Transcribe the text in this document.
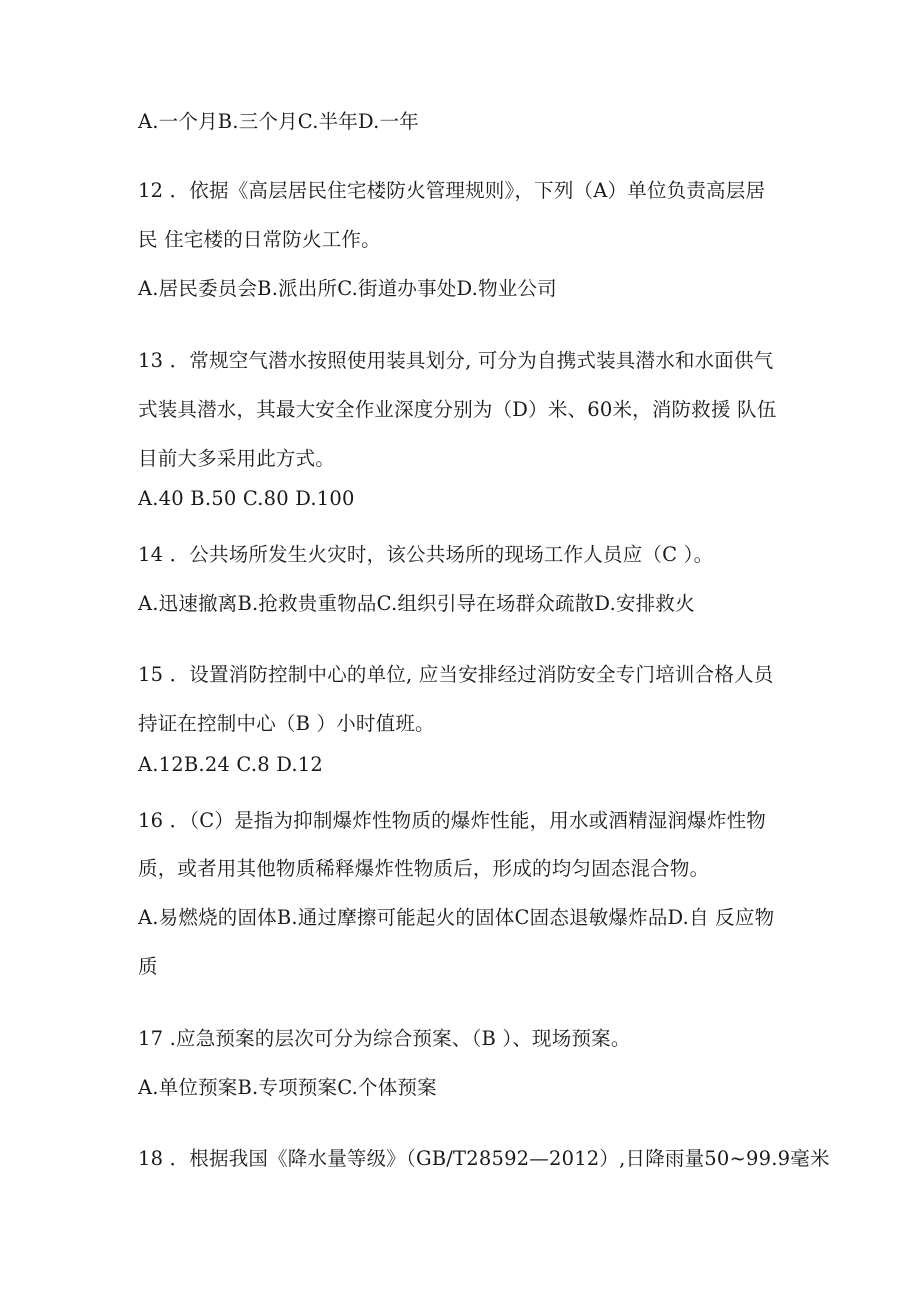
A.一个月B.三个月C.半年D.一年

12 ．依据《高层居民住宅楼防火管理规则》，下列（A）单位负责高层居

民 住宅楼的日常防火工作。

A.居民委员会B.派出所C.街道办事处D.物业公司

13 ．常规空气潜水按照使用装具划分, 可分为自携式装具潜水和水面供气

式装具潜水，其最大安全作业深度分别为（D）米、60米，消防救援 队伍

目前大多采用此方式。

A.40 B.50 C.80 D.100

14 ．公共场所发生火灾时，该公共场所的现场工作人员应（C ）。

A.迅速撤离B.抢救贵重物品C.组织引导在场群众疏散D.安排救火

15 ．设置消防控制中心的单位, 应当安排经过消防安全专门培训合格人员

持证在控制中心（B ）小时值班。

A.12B.24 C.8 D.12

16 ．（C）是指为抑制爆炸性物质的爆炸性能，用水或酒精湿润爆炸性物

质，或者用其他物质稀释爆炸性物质后，形成的均匀固态混合物。

A.易燃烧的固体B.通过摩擦可能起火的固体C固态退敏爆炸品D.自 反应物

质

17 .应急预案的层次可分为综合预案、（B ）、现场预案。

A.单位预案B.专项预案C.个体预案

18 ．根据我国《降水量等级》（GB/T28592—2012）,日降雨量50~99.9毫米
